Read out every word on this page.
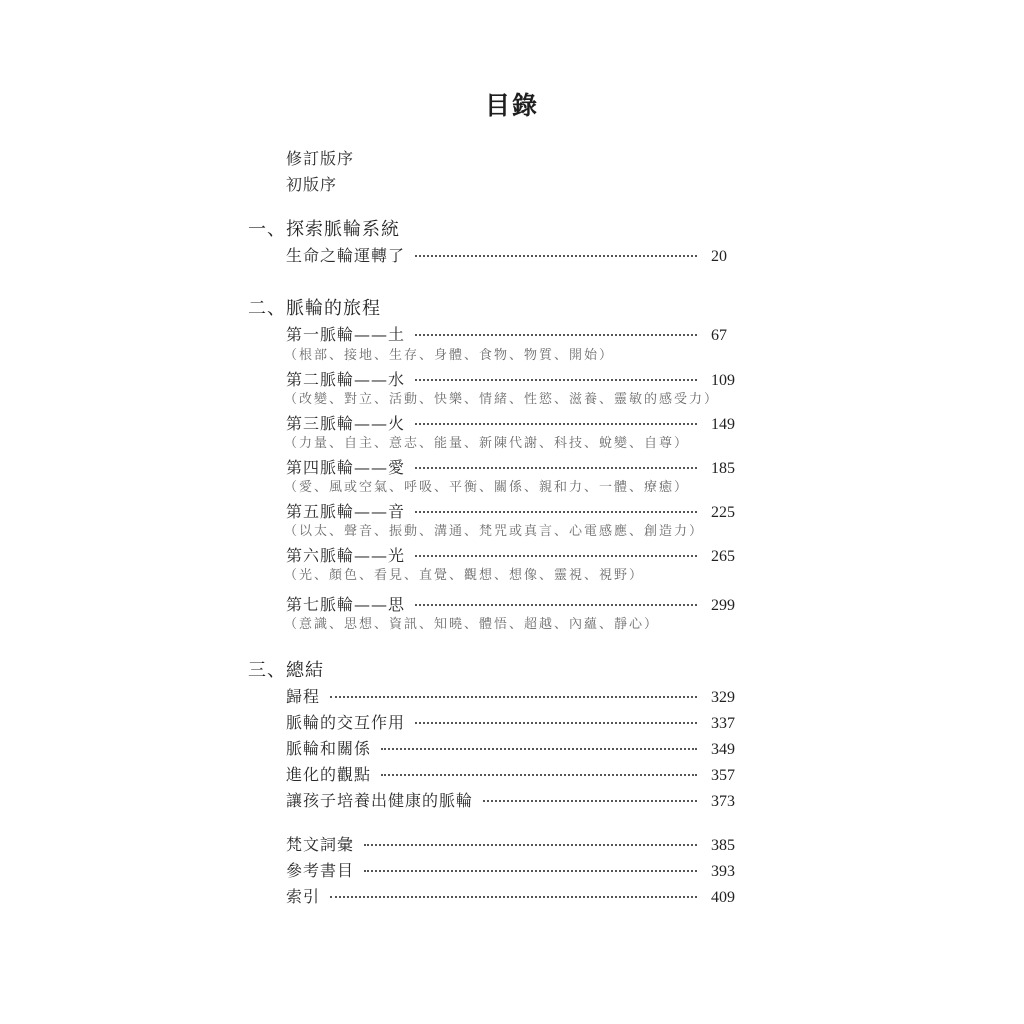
目錄
修訂版序
初版序
一、探索脈輪系統
生命之輪運轉了	20
二、脈輪的旅程
第一脈輪——土	67
（根部、接地、生存、身體、食物、物質、開始）
第二脈輪——水	109
（改變、對立、活動、快樂、情緒、性慾、滋養、靈敏的感受力）
第三脈輪——火	149
（力量、自主、意志、能量、新陳代謝、科技、蛻變、自尊）
第四脈輪——愛	185
（愛、風或空氣、呼吸、平衡、關係、親和力、一體、療癒）
第五脈輪——音	225
（以太、聲音、振動、溝通、梵咒或真言、心電感應、創造力）
第六脈輪——光	265
（光、顏色、看見、直覺、觀想、想像、靈視、視野）
第七脈輪——思	299
（意識、思想、資訊、知曉、體悟、超越、內蘊、靜心）
三、總結
歸程	329
脈輪的交互作用	337
脈輪和關係	349
進化的觀點	357
讓孩子培養出健康的脈輪	373
梵文詞彙	385
參考書目	393
索引	409
